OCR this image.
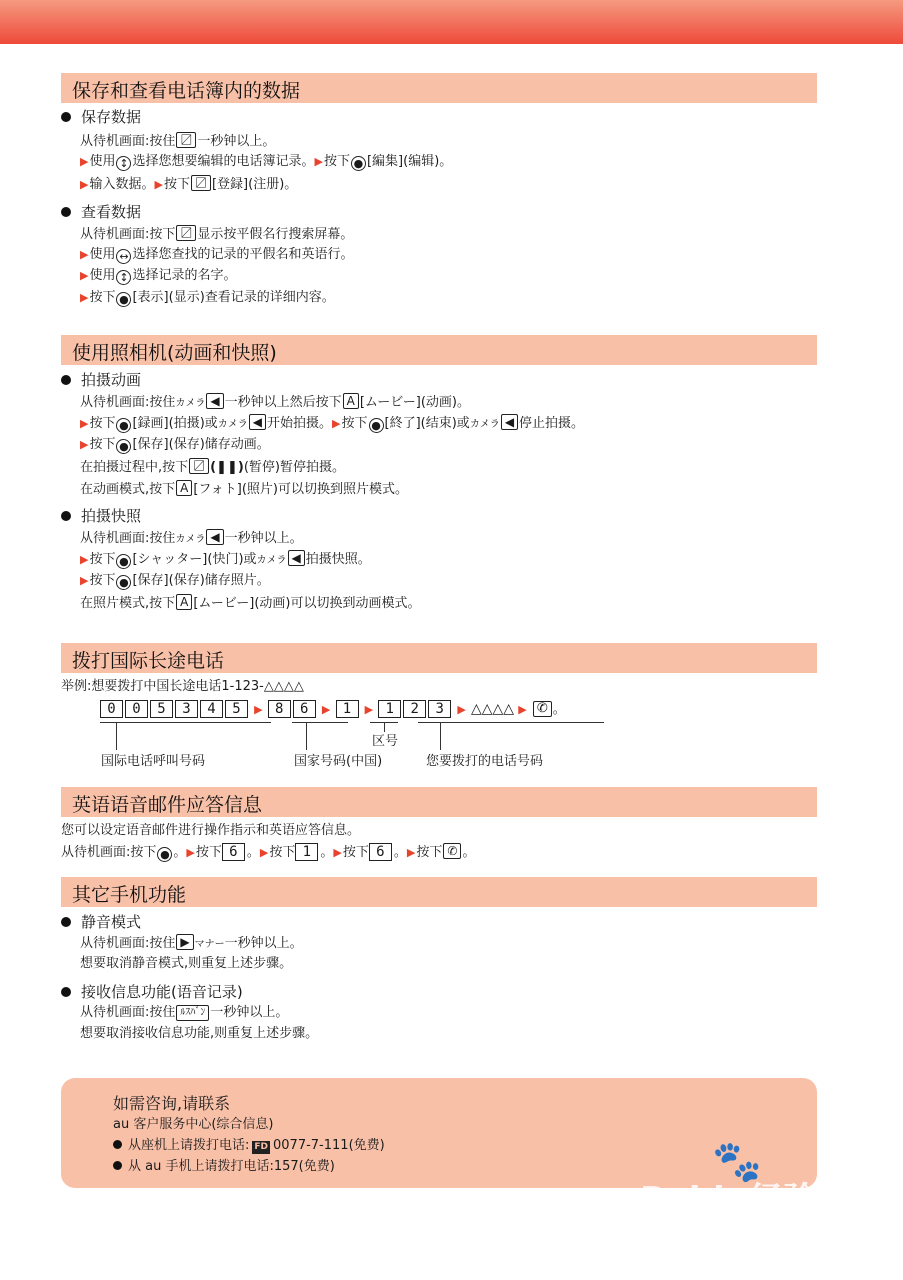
保存和查看电话簿内的数据
保存数据
从待机画面:按住 〼 一秒钟以上。
▶使用 ↕ 选择您想要编辑的电话簿记录。▶按下 ● [編集](编辑)。
▶输入数据。▶按下 〼 [登録](注册)。
查看数据
从待机画面:按下 〼 显示按平假名行搜索屏幕。
▶使用 ↔ 选择您查找的记录的平假名和英语行。
▶使用 ↕ 选择记录的名字。
▶按下 ● [表示](显示)查看记录的详细内容。
使用照相机(动画和快照)
拍摄动画
从待机画面:按住カメラ ◀ 一秒钟以上然后按下 A [ムービー](动画)。
▶按下 ● [録画](拍摄)或カメラ ◀ 开始拍摄。▶按下 ● [終了](结束)或カメラ ◀ 停止拍摄。
▶按下 ● [保存](保存)储存动画。
在拍摄过程中,按下 〼 (❚❚)(暂停)暂停拍摄。
在动画模式,按下 A [フォト](照片)可以切换到照片模式。
拍摄快照
从待机画面:按住カメラ ◀ 一秒钟以上。
▶按下 ● [シャッター](快门)或カメラ ◀ 拍摄快照。
▶按下 ● [保存](保存)储存照片。
在照片模式,按下 A [ムービー](动画)可以切换到动画模式。
拨打国际长途电话
举例:想要拨打中国长途电话1-123-△△△△
0 0 5 3 4 5 ▶ 8 6 ▶ 1 ▶ 1 2 3 ▶ △△△△ ▶ ✆ 。
区号
国际电话呼叫号码	国家号码(中国)	您要拨打的电话号码
英语语音邮件应答信息
您可以设定语音邮件进行操作指示和英语应答信息。
从待机画面:按下 ● 。▶按下 6 。▶按下 1 。▶按下 6 。▶按下 ✆ 。
其它手机功能
静音模式
从待机画面:按住 ▶ マナー一秒钟以上。
想要取消静音模式,则重复上述步骤。
接收信息功能(语音记录)
从待机画面:按住 ﾙｽﾊﾞﾝ 一秒钟以上。
想要取消接收信息功能,则重复上述步骤。
如需咨询,请联系
au 客户服务中心(综合信息)
从座机上请拨打电话: FD 0077-7-111(免费)
从 au 手机上请拨打电话:157(免费)	🐾
Baidu经验
jingyan.baidu.com
